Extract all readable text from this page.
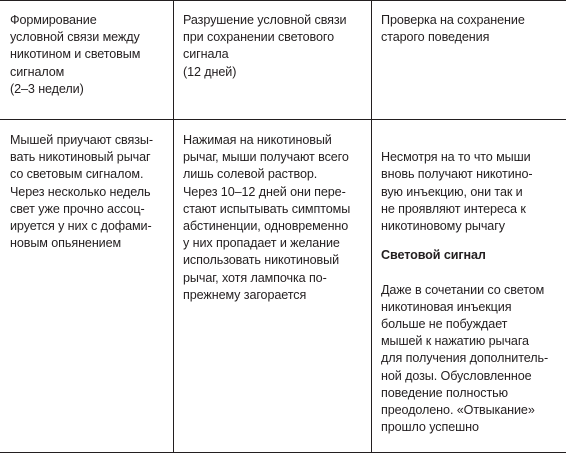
Формирование
условной связи между
никотином и световым
сигналом
(2–3 недели)
Разрушение условной связи
при сохранении светового
сигнала
(12 дней)
Проверка на сохранение
старого поведения
Мышей приучают связы-
вать никотиновый рычаг
со световым сигналом.
Через несколько недель
свет уже прочно ассоц-
ируется у них с дофами-
новым опьянением
Нажимая на никотиновый
рычаг, мыши получают всего
лишь солевой раствор.
Через 10–12 дней они пере-
стают испытывать симптомы
абстиненции, одновременно
у них пропадает и желание
использовать никотиновый
рычаг, хотя лампочка по-
прежнему загорается

Несмотря на то что мыши
вновь получают никотино-
вую инъекцию, они так и
не проявляют интереса к
никотиновому рычагу

Световой сигнал

Даже в сочетании со светом
никотиновая инъекция
больше не побуждает
мышей к нажатию рычага
для получения дополнитель-
ной дозы. Обусловленное
поведение полностью
преодолено. «Отвыкание»
прошло успешно
